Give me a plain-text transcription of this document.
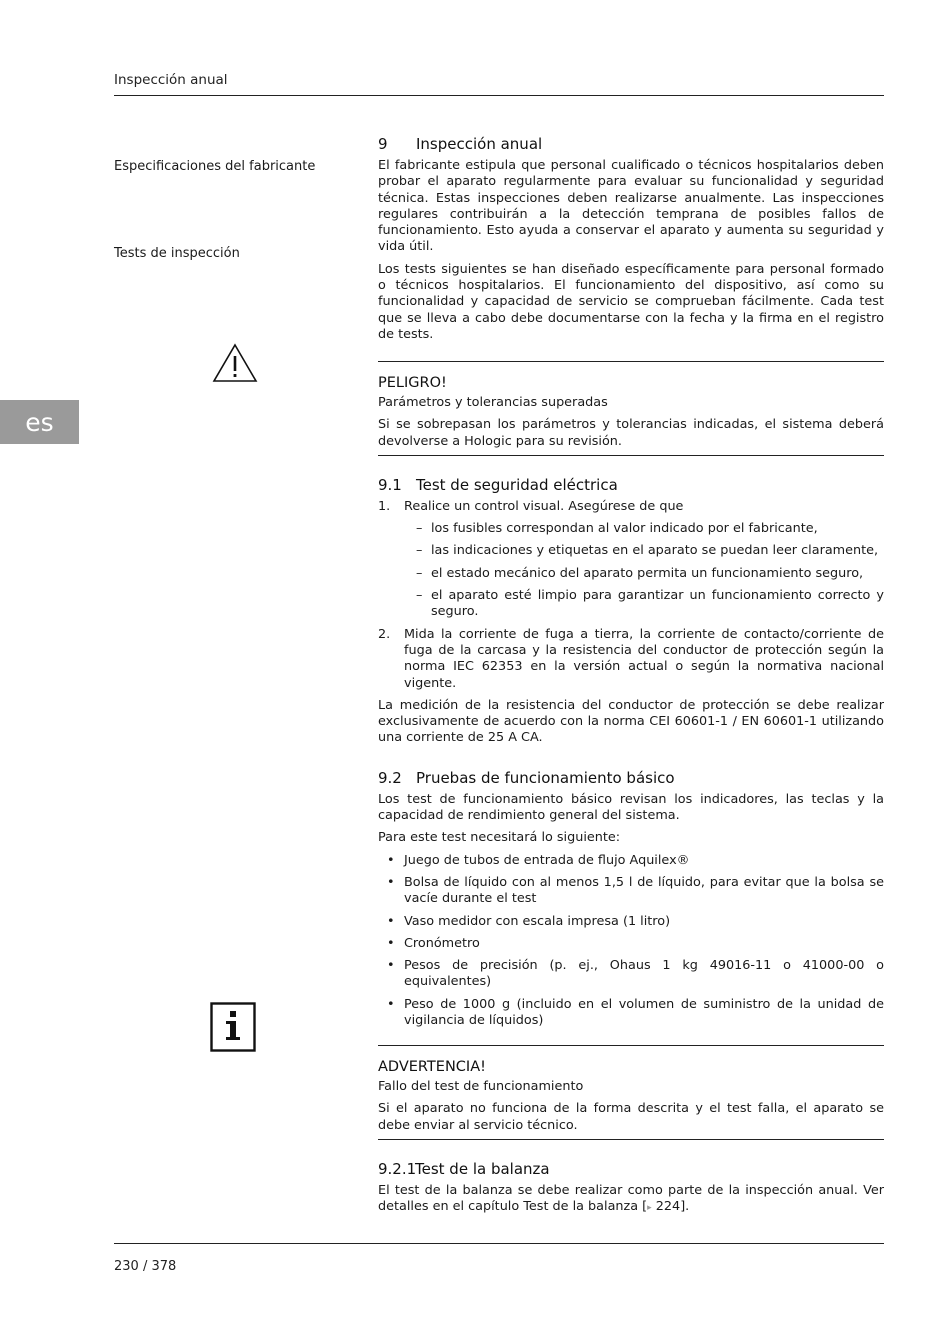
Inspección anual
es
Especificaciones del fabricante
Tests de inspección
9	Inspección anual

El fabricante estipula que personal cualificado o técnicos hospitalarios deben probar el aparato regularmente para evaluar su funcionalidad y seguridad técnica. Estas inspecciones deben realizarse anualmente. Las inspecciones regulares contribuirán a la detección temprana de posibles fallos de funcionamiento. Esto ayuda a conservar el aparato y aumenta su seguridad y vida útil.

Los tests siguientes se han diseñado específicamente para personal formado o técnicos hospitalarios. El funcionamiento del dispositivo, así como su funcionalidad y capacidad de servicio se comprueban fácilmente. Cada test que se lleva a cabo debe documentarse con la fecha y la firma en el registro de tests.

PELIGRO!
Parámetros y tolerancias superadas

Si se sobrepasan los parámetros y tolerancias indicadas, el sistema deberá devolverse a Hologic para su revisión.

9.1 Test de seguridad eléctrica
1.	Realice un control visual. Asegúrese de que
– los fusibles correspondan al valor indicado por el fabricante,
– las indicaciones y etiquetas en el aparato se puedan leer claramente,
– el estado mecánico del aparato permita un funcionamiento seguro,
– el aparato esté limpio para garantizar un funcionamiento correcto y seguro.
2.	Mida la corriente de fuga a tierra, la corriente de contacto/corriente de fuga de la carcasa y la resistencia del conductor de protección según la norma IEC 62353 en la versión actual o según la normativa nacional vigente.

La medición de la resistencia del conductor de protección se debe realizar exclusivamente de acuerdo con la norma CEI 60601-1 / EN 60601-1 utilizando una corriente de 25 A CA.

9.2 Pruebas de funcionamiento básico

Los test de funcionamiento básico revisan los indicadores, las teclas y la capacidad de rendimiento general del sistema.

Para este test necesitará lo siguiente:

• Juego de tubos de entrada de flujo Aquilex®
• Bolsa de líquido con al menos 1,5 l de líquido, para evitar que la bolsa se vacíe durante el test
• Vaso medidor con escala impresa (1 litro)
• Cronómetro
• Pesos de precisión (p. ej., Ohaus 1 kg 49016-11 o 41000-00 o equivalentes)
• Peso de 1000 g (incluido en el volumen de suministro de la unidad de vigilancia de líquidos)
ADVERTENCIA!
Fallo del test de funcionamiento

Si el aparato no funciona de la forma descrita y el test falla, el aparato se debe enviar al servicio técnico.

9.2.1
Test de la balanza

El test de la balanza se debe realizar como parte de la inspección anual. Ver detalles en el capítulo Test de la balanza [▸ 224].

230 / 378
